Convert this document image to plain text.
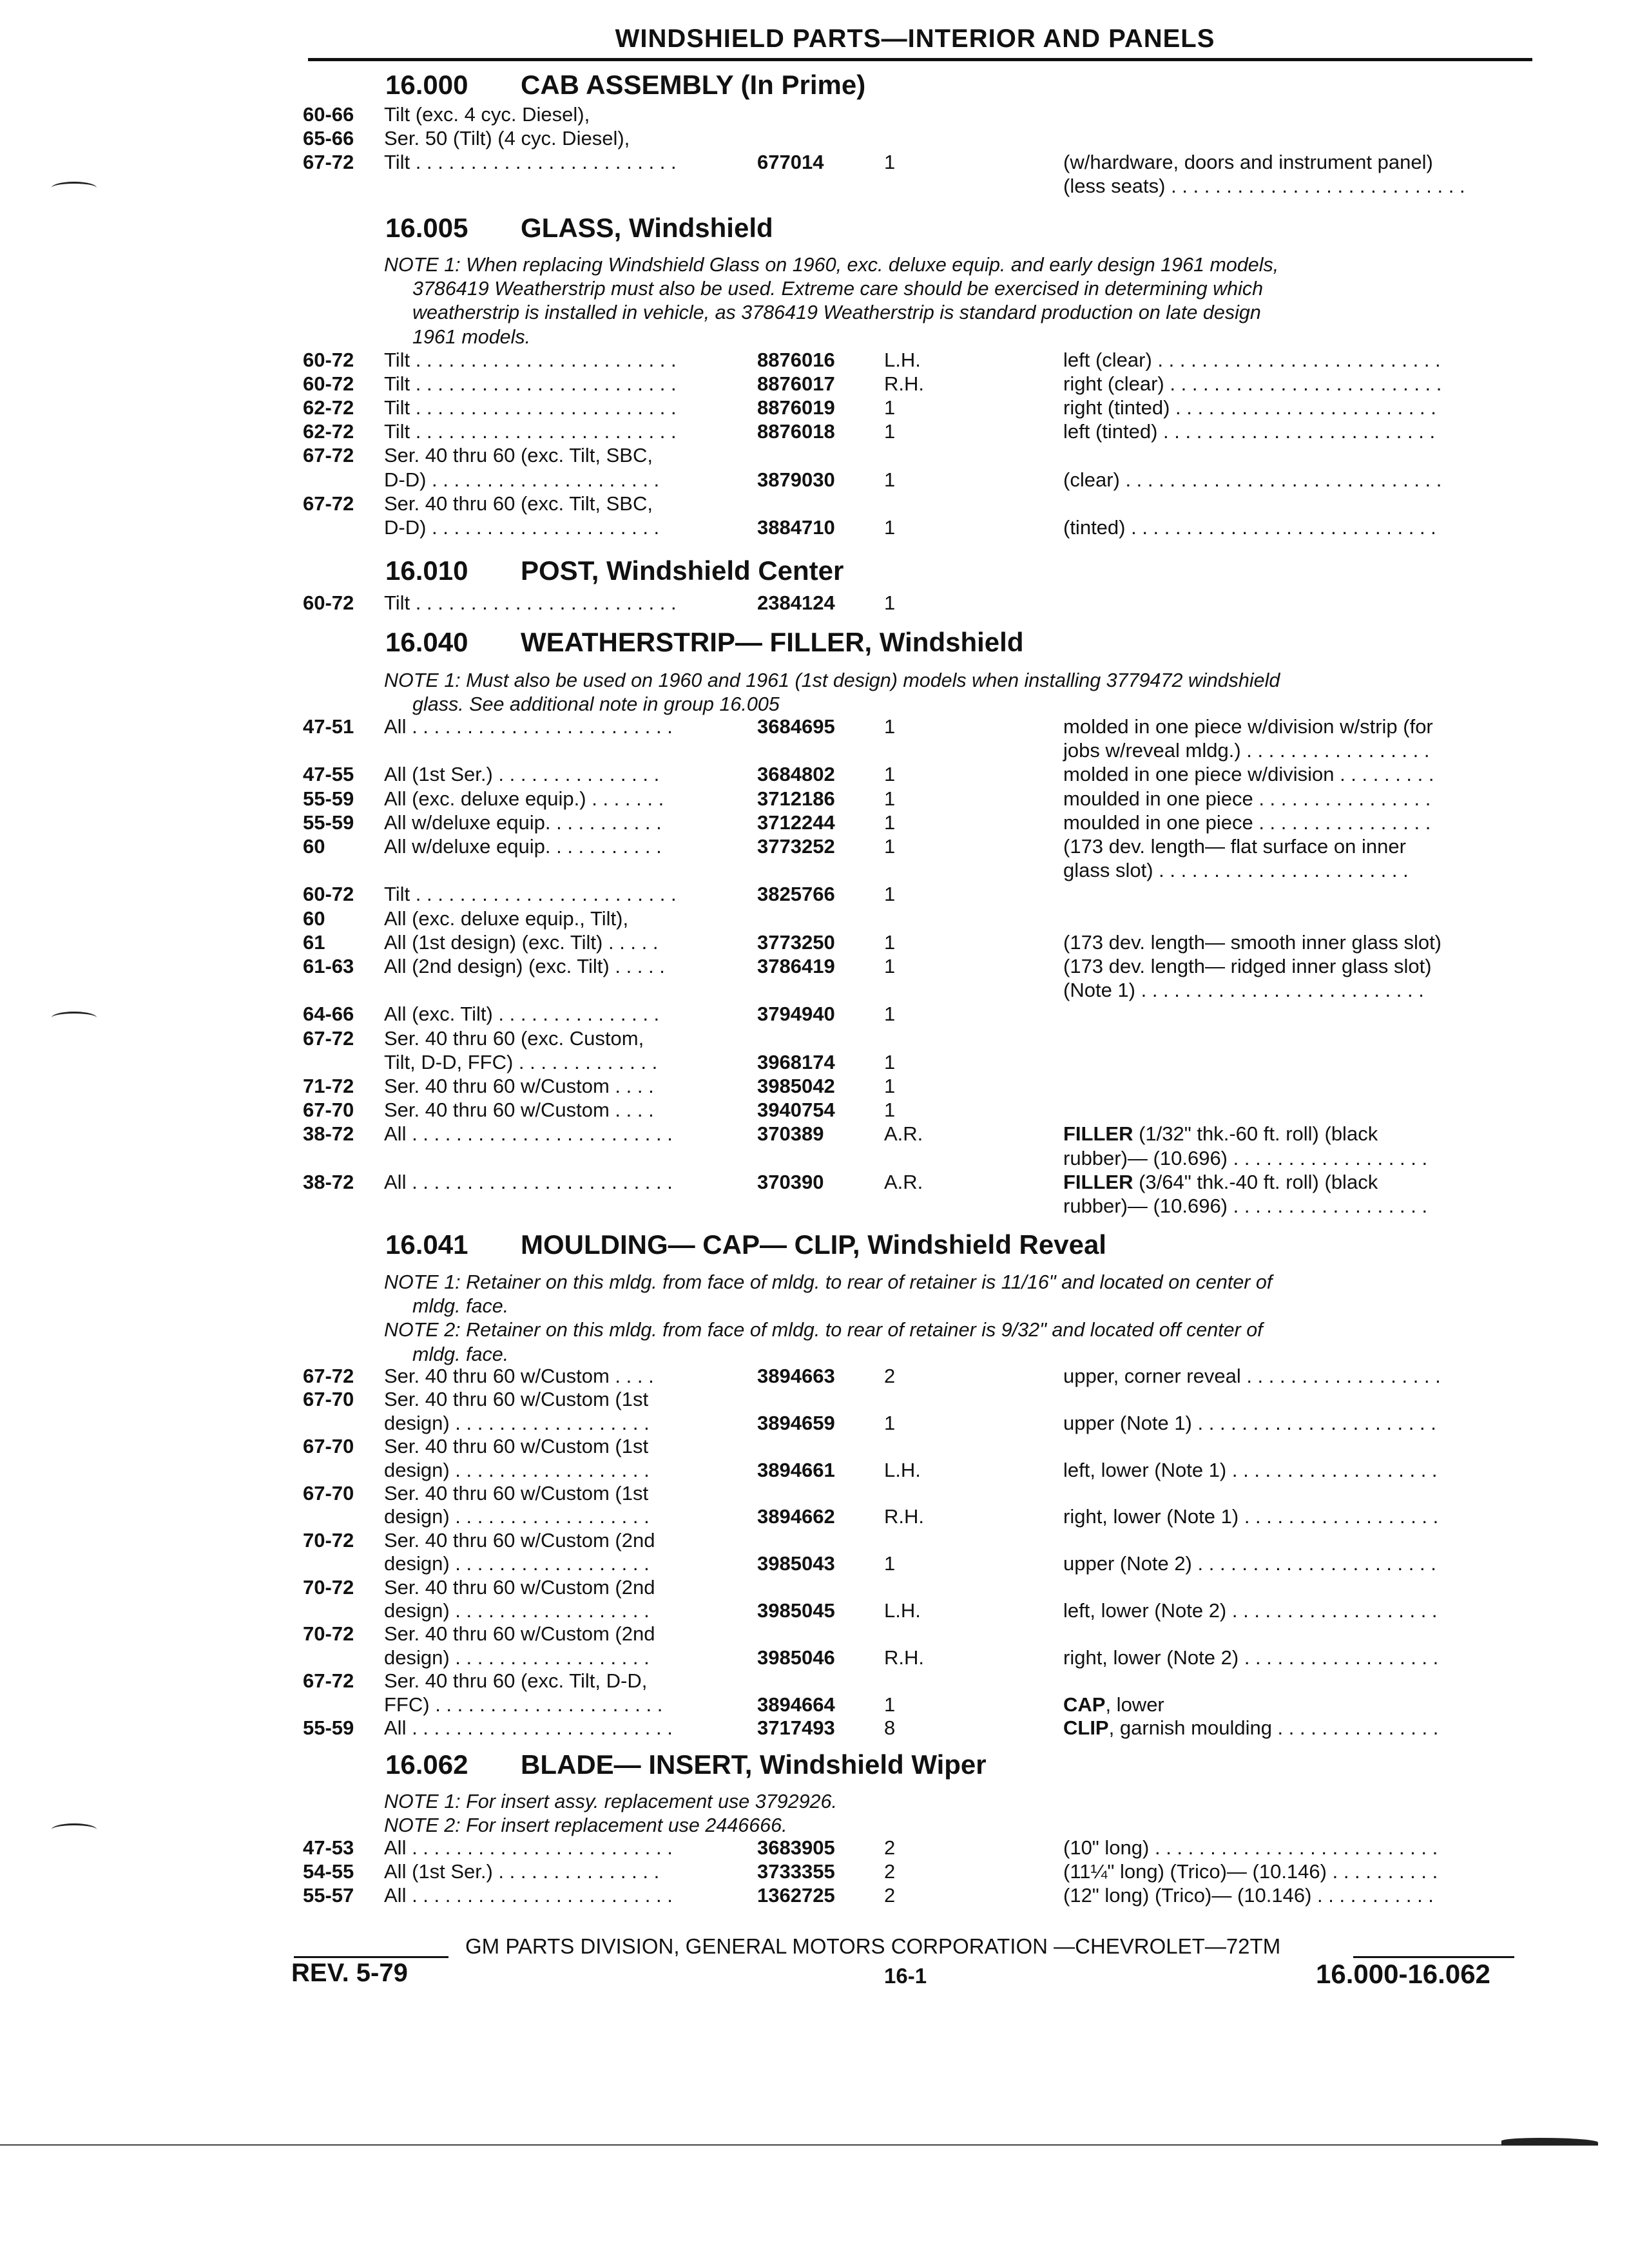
WINDSHIELD PARTS—INTERIOR AND PANELS
16.000 CAB ASSEMBLY (In Prime)
60-66 Tilt (exc. 4 cyc. Diesel),
65-66 Ser. 50 (Tilt) (4 cyc. Diesel),
67-72 Tilt . . . . . . . . . . . . . . . . . . . . . . . .	677014	1	(w/hardware, doors and instrument panel)
(less seats) . . . . . . . . . . . . . . . . . . . . . . . . . . .
16.005 GLASS, Windshield
NOTE 1: When replacing Windshield Glass on 1960, exc. deluxe equip. and early design 1961 models,
3786419 Weatherstrip must also be used. Extreme care should be exercised in determining which
weatherstrip is installed in vehicle, as 3786419 Weatherstrip is standard production on late design
1961 models.
60-72 Tilt . . . . . . . . . . . . . . . . . . . . . . . .	8876016 L.H.	left (clear) . . . . . . . . . . . . . . . . . . . . . . . . . .
60-72 Tilt . . . . . . . . . . . . . . . . . . . . . . . .	8876017 R.H.	right (clear) . . . . . . . . . . . . . . . . . . . . . . . . .
62-72 Tilt . . . . . . . . . . . . . . . . . . . . . . . .	8876019 1	right (tinted) . . . . . . . . . . . . . . . . . . . . . . . .
62-72 Tilt . . . . . . . . . . . . . . . . . . . . . . . .	8876018 1	left (tinted) . . . . . . . . . . . . . . . . . . . . . . . . .
67-72 Ser. 40 thru 60 (exc. Tilt, SBC,
D-D) . . . . . . . . . . . . . . . . . . . . .	3879030 1	(clear) . . . . . . . . . . . . . . . . . . . . . . . . . . . . .
67-72 Ser. 40 thru 60 (exc. Tilt, SBC,
D-D) . . . . . . . . . . . . . . . . . . . . .	3884710 1	(tinted) . . . . . . . . . . . . . . . . . . . . . . . . . . . .
16.010 POST, Windshield Center
60-72 Tilt . . . . . . . . . . . . . . . . . . . . . . . .	2384124 1
16.040 WEATHERSTRIP— FILLER, Windshield
NOTE 1: Must also be used on 1960 and 1961 (1st design) models when installing 3779472 windshield
glass. See additional note in group 16.005
47-51 All . . . . . . . . . . . . . . . . . . . . . . . .	3684695 1	molded in one piece w/division w/strip (for
jobs w/reveal mldg.) . . . . . . . . . . . . . . . . .
47-55 All (1st Ser.) . . . . . . . . . . . . . . .	3684802 1	molded in one piece w/division . . . . . . . . .
55-59 All (exc. deluxe equip.) . . . . . . .	3712186 1	moulded in one piece . . . . . . . . . . . . . . . .
55-59 All w/deluxe equip. . . . . . . . . . .	3712244 1	moulded in one piece . . . . . . . . . . . . . . . .
60	All w/deluxe equip. . . . . . . . . . .	3773252 1	(173 dev. length— flat surface on inner
glass slot) . . . . . . . . . . . . . . . . . . . . . . .
60-72 Tilt . . . . . . . . . . . . . . . . . . . . . . . .	3825766 1
60	All (exc. deluxe equip., Tilt),
61	All (1st design) (exc. Tilt) . . . . .	3773250 1	(173 dev. length— smooth inner glass slot)
61-63 All (2nd design) (exc. Tilt) . . . . .	3786419 1	(173 dev. length— ridged inner glass slot)
(Note 1) . . . . . . . . . . . . . . . . . . . . . . . . . .
64-66 All (exc. Tilt) . . . . . . . . . . . . . . .	3794940 1
67-72 Ser. 40 thru 60 (exc. Custom,
Tilt, D-D, FFC) . . . . . . . . . . . . .	3968174 1
71-72 Ser. 40 thru 60 w/Custom . . . .	3985042 1
67-70 Ser. 40 thru 60 w/Custom . . . .	3940754 1
38-72 All . . . . . . . . . . . . . . . . . . . . . . . .	370389	A.R.	FILLER (1/32" thk.-60 ft. roll) (black
rubber)— (10.696) . . . . . . . . . . . . . . . . . .
38-72 All . . . . . . . . . . . . . . . . . . . . . . . .	370390	A.R.	FILLER (3/64" thk.-40 ft. roll) (black
rubber)— (10.696) . . . . . . . . . . . . . . . . . .
16.041 MOULDING— CAP— CLIP, Windshield Reveal
NOTE 1: Retainer on this mldg. from face of mldg. to rear of retainer is 11/16" and located on center of
mldg. face.
NOTE 2: Retainer on this mldg. from face of mldg. to rear of retainer is 9/32" and located off center of
mldg. face.
67-72 Ser. 40 thru 60 w/Custom . . . .	3894663 2	upper, corner reveal . . . . . . . . . . . . . . . . . .
67-70 Ser. 40 thru 60 w/Custom (1st
design) . . . . . . . . . . . . . . . . . .	3894659 1	upper (Note 1) . . . . . . . . . . . . . . . . . . . . . .
67-70 Ser. 40 thru 60 w/Custom (1st
design) . . . . . . . . . . . . . . . . . .	3894661 L.H.	left, lower (Note 1) . . . . . . . . . . . . . . . . . . .
67-70 Ser. 40 thru 60 w/Custom (1st
design) . . . . . . . . . . . . . . . . . .	3894662 R.H.	right, lower (Note 1) . . . . . . . . . . . . . . . . . .
70-72 Ser. 40 thru 60 w/Custom (2nd
design) . . . . . . . . . . . . . . . . . .	3985043 1	upper (Note 2) . . . . . . . . . . . . . . . . . . . . . .
70-72 Ser. 40 thru 60 w/Custom (2nd
design) . . . . . . . . . . . . . . . . . .	3985045 L.H.	left, lower (Note 2) . . . . . . . . . . . . . . . . . . .
70-72 Ser. 40 thru 60 w/Custom (2nd
design) . . . . . . . . . . . . . . . . . .	3985046 R.H.	right, lower (Note 2) . . . . . . . . . . . . . . . . . .
67-72 Ser. 40 thru 60 (exc. Tilt, D-D,
FFC) . . . . . . . . . . . . . . . . . . . . .	3894664 1	CAP, lower
55-59 All . . . . . . . . . . . . . . . . . . . . . . . .	3717493 8	CLIP, garnish moulding . . . . . . . . . . . . . . .
16.062 BLADE— INSERT, Windshield Wiper
NOTE 1: For insert assy. replacement use 3792926.
NOTE 2: For insert replacement use 2446666.
47-53 All . . . . . . . . . . . . . . . . . . . . . . . .	3683905 2	(10" long) . . . . . . . . . . . . . . . . . . . . . . . . . .
54-55 All (1st Ser.) . . . . . . . . . . . . . . .	3733355 2	(11¼" long) (Trico)— (10.146) . . . . . . . . . .
55-57 All . . . . . . . . . . . . . . . . . . . . . . . .	1362725 2	(12" long) (Trico)— (10.146) . . . . . . . . . . .
GM PARTS DIVISION, GENERAL MOTORS CORPORATION —CHEVROLET—72TM
REV. 5-79	16-1	16.000-16.062
